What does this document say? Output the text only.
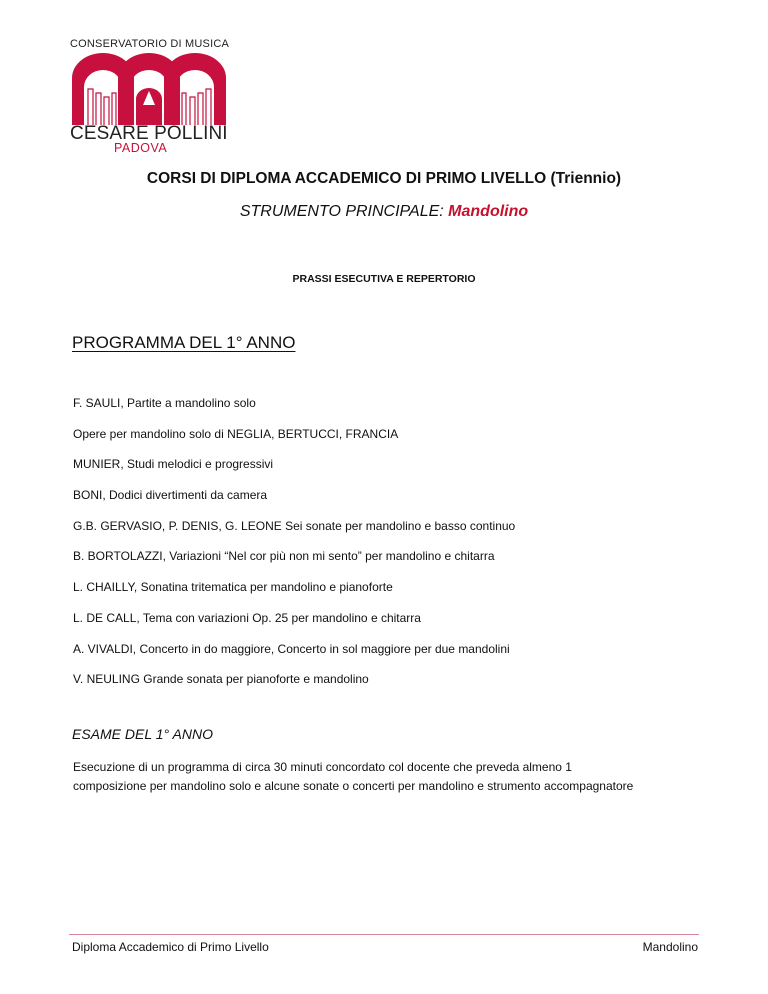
CONSERVATORIO DI MUSICA
CESARE POLLINI
PADOVA
CORSI DI DIPLOMA ACCADEMICO DI PRIMO LIVELLO (Triennio)
STRUMENTO PRINCIPALE: Mandolino
PRASSI ESECUTIVA E REPERTORIO
PROGRAMMA DEL 1° ANNO
F. SAULI, Partite a mandolino solo
Opere per mandolino solo di NEGLIA, BERTUCCI, FRANCIA
MUNIER, Studi melodici e progressivi
BONI, Dodici divertimenti da camera
G.B. GERVASIO, P. DENIS, G. LEONE Sei sonate per mandolino e basso continuo
B. BORTOLAZZI, Variazioni “Nel cor più non mi sento” per mandolino e chitarra
L. CHAILLY, Sonatina tritematica per mandolino e pianoforte
L. DE CALL, Tema con variazioni Op. 25 per mandolino e chitarra
A. VIVALDI, Concerto in do maggiore, Concerto in sol maggiore per due mandolini
V. NEULING Grande sonata per pianoforte e mandolino
ESAME DEL 1° ANNO

Esecuzione di un programma di circa 30 minuti concordato col docente che preveda almeno 1
composizione per mandolino solo e alcune sonate o concerti per mandolino e strumento accompagnatore

Diploma Accademico di Primo Livello	Mandolino
